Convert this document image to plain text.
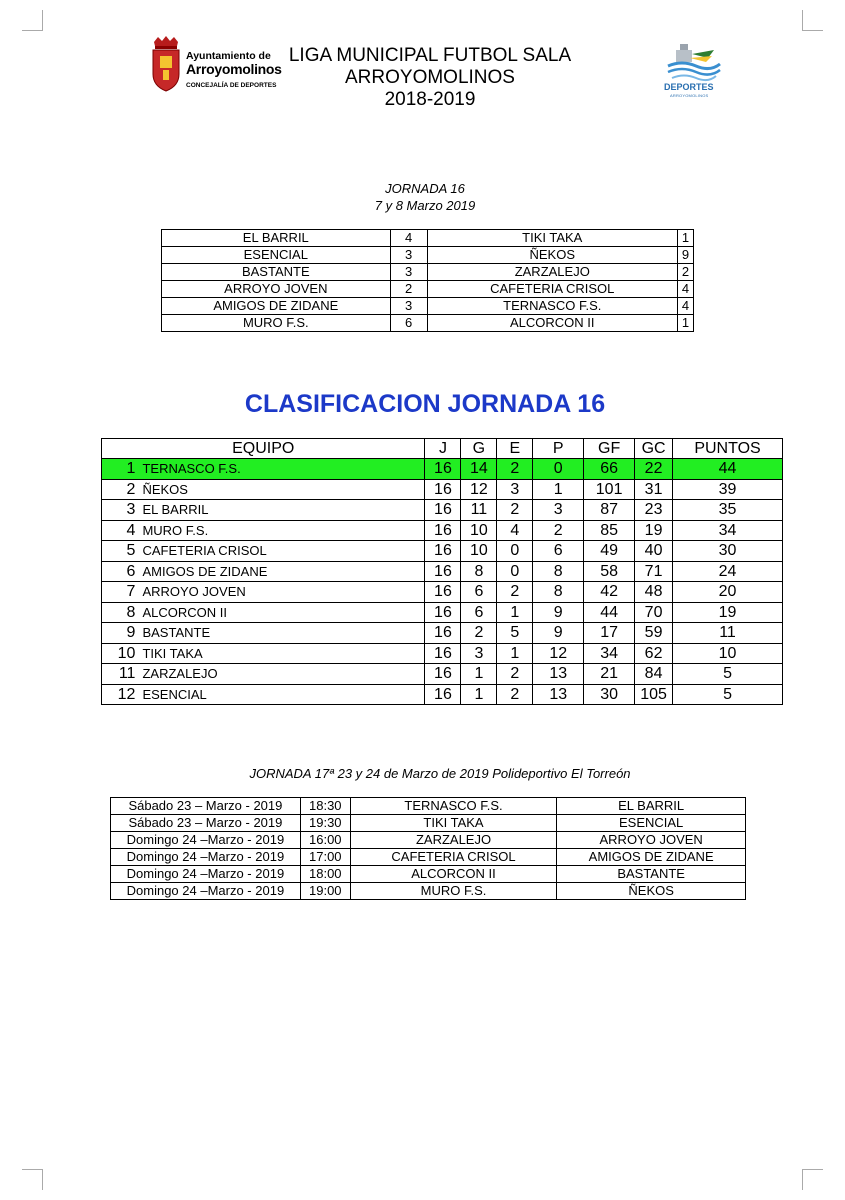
Ayuntamiento de
Arroyomolinos
CONCEJALÍA DE DEPORTES
LIGA MUNICIPAL FUTBOL SALA
ARROYOMOLINOS
2018-2019
DEPORTES
ARROYOMOLINOS
JORNADA 16
7 y 8 Marzo 2019
EL BARRIL	4	TIKI TAKA	1
ESENCIAL	3	ÑEKOS	9
BASTANTE	3	ZARZALEJO	2
ARROYO JOVEN	2	CAFETERIA CRISOL	4
AMIGOS DE ZIDANE	3	TERNASCO F.S.	4
MURO F.S.	6	ALCORCON II	1
CLASIFICACION JORNADA 16
EQUIPO		J	G	E	P	GF	GC	PUNTOS
1	TERNASCO F.S.	16	14	2	0	66	22	44
2	ÑEKOS	16	12	3	1	101	31	39
3	EL BARRIL	16	11	2	3	87	23	35
4	MURO F.S.	16	10	4	2	85	19	34
5	CAFETERIA CRISOL	16	10	0	6	49	40	30
6	AMIGOS DE ZIDANE	16	8	0	8	58	71	24
7	ARROYO JOVEN	16	6	2	8	42	48	20
8	ALCORCON II	16	6	1	9	44	70	19
9	BASTANTE	16	2	5	9	17	59	11
10	TIKI TAKA	16	3	1	12	34	62	10
11	ZARZALEJO	16	1	2	13	21	84	5
12	ESENCIAL	16	1	2	13	30	105	5
JORNADA 17ª 23 y 24 de Marzo de 2019 Polideportivo El Torreón
Sábado 23 – Marzo - 2019	18:30	TERNASCO F.S.	EL BARRIL
Sábado 23 – Marzo - 2019	19:30	TIKI TAKA	ESENCIAL
Domingo 24 –Marzo - 2019	16:00	ZARZALEJO	ARROYO JOVEN
Domingo 24 –Marzo - 2019	17:00	CAFETERIA CRISOL	AMIGOS DE ZIDANE
Domingo 24 –Marzo - 2019	18:00	ALCORCON II	BASTANTE
Domingo 24 –Marzo - 2019	19:00	MURO F.S.	ÑEKOS
